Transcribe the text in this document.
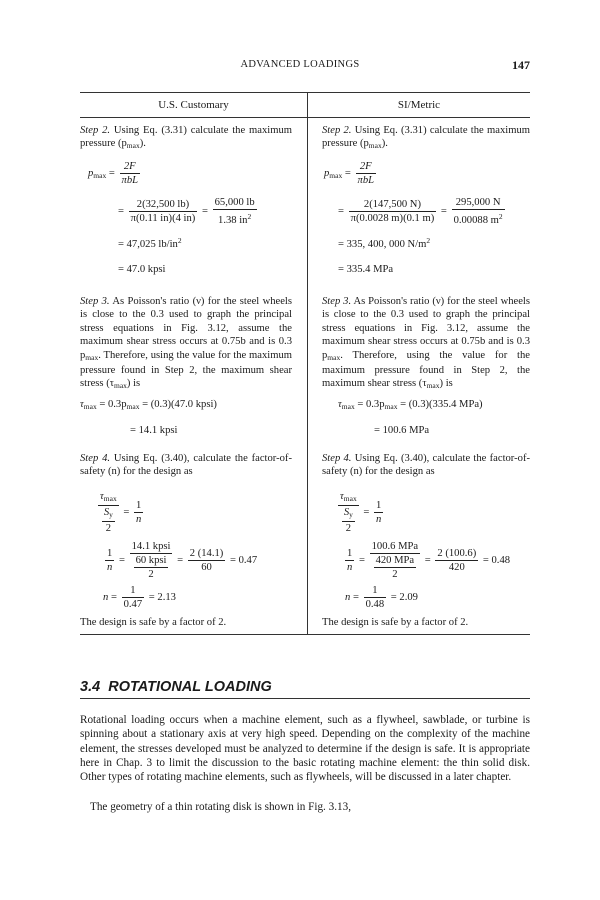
ADVANCED LOADINGS	147
U.S. Customary	SI/Metric
Step 2. Using Eq. (3.31) calculate the maximum pressure $(p_{max})$.
$p_{max} = \frac{2F}{\text{πbL}}$
= $\frac{2(32,500 lb)}{\pi(0.11 in)(4 in)} = \frac{65,000 lb}{1.38 in^2}$
= 47,025 $lb/in^2$
= 47.0 kpsi
Step 3. As Poisson's ratio (ν) for the steel wheels is close to the 0.3 used to graph the principal stress equations in Fig. 3.12, assume the maximum shear stress occurs at 0.75b and is 0.3 $p_{max}$. Therefore, using the value for the maximum pressure found in Step 2, the maximum shear stress $(\tau_{max})$ is
$\tau_{max} = 0.3p_{max} = (0.3)(47.0$ kpsi)
= 14.1 kpsi
Step 4. Using Eq. (3.40), calculate the factor-of-safety (n) for the design as
$\frac{\tau_{max}}{\frac{S_y}{2}} = \frac{1}{n}$
$\frac{1}{n} = \frac{\text{14.1 kpsi}}{\frac{\text{60 kpsi}}{2}} = \frac{2 (14.1)}{60} = 0.47$
$n = \frac{1}{0.47} = 2.13$
The design is safe by a factor of 2.
Step 2. Using Eq. (3.31) calculate the maximum pressure $(p_{max})$.
$p_{max} = \frac{2F}{\text{πbL}}$
= $\frac{2(147,500 N)}{\pi(0.0028 m)(0.1 m)} = \frac{295,000 N}{0.00088 m^2}$
= 335, 400, 000 $N/m^2$
= 335.4 MPa
Step 3. As Poisson's ratio (ν) for the steel wheels is close to the 0.3 used to graph the principal stress equations in Fig. 3.12, assume the maximum shear stress occurs at 0.75b and is 0.3 $p_{max}$. Therefore, using the value for the maximum pressure found in Step 2, the maximum shear stress $(\tau_{max})$ is
$\tau_{max} = 0.3p_{max} = (0.3)(335.4$ MPa)
= 100.6 MPa
Step 4. Using Eq. (3.40), calculate the factor-of-safety (n) for the design as
$\frac{\tau_{max}}{\frac{S_y}{2}} = \frac{1}{n}$
$\frac{1}{n} = \frac{\text{100.6 MPa}}{\frac{\text{420 MPa}}{2}} = \frac{2 (100.6)}{420} = 0.48$
$n = \frac{1}{0.48} = 2.09$
The design is safe by a factor of 2.
3.4 ROTATIONAL LOADING
Rotational loading occurs when a machine element, such as a flywheel, sawblade, or turbine is spinning about a stationary axis at very high speed. Depending on the complexity of the machine element, the stresses developed must be analyzed to determine if the design is safe. It is appropriate here in Chap. 3 to limit the discussion to the basic rotating machine element: the thin solid disk. Other types of rotating machine elements, such as flywheels, will be discussed in a later chapter.
The geometry of a thin rotating disk is shown in Fig. 3.13,
